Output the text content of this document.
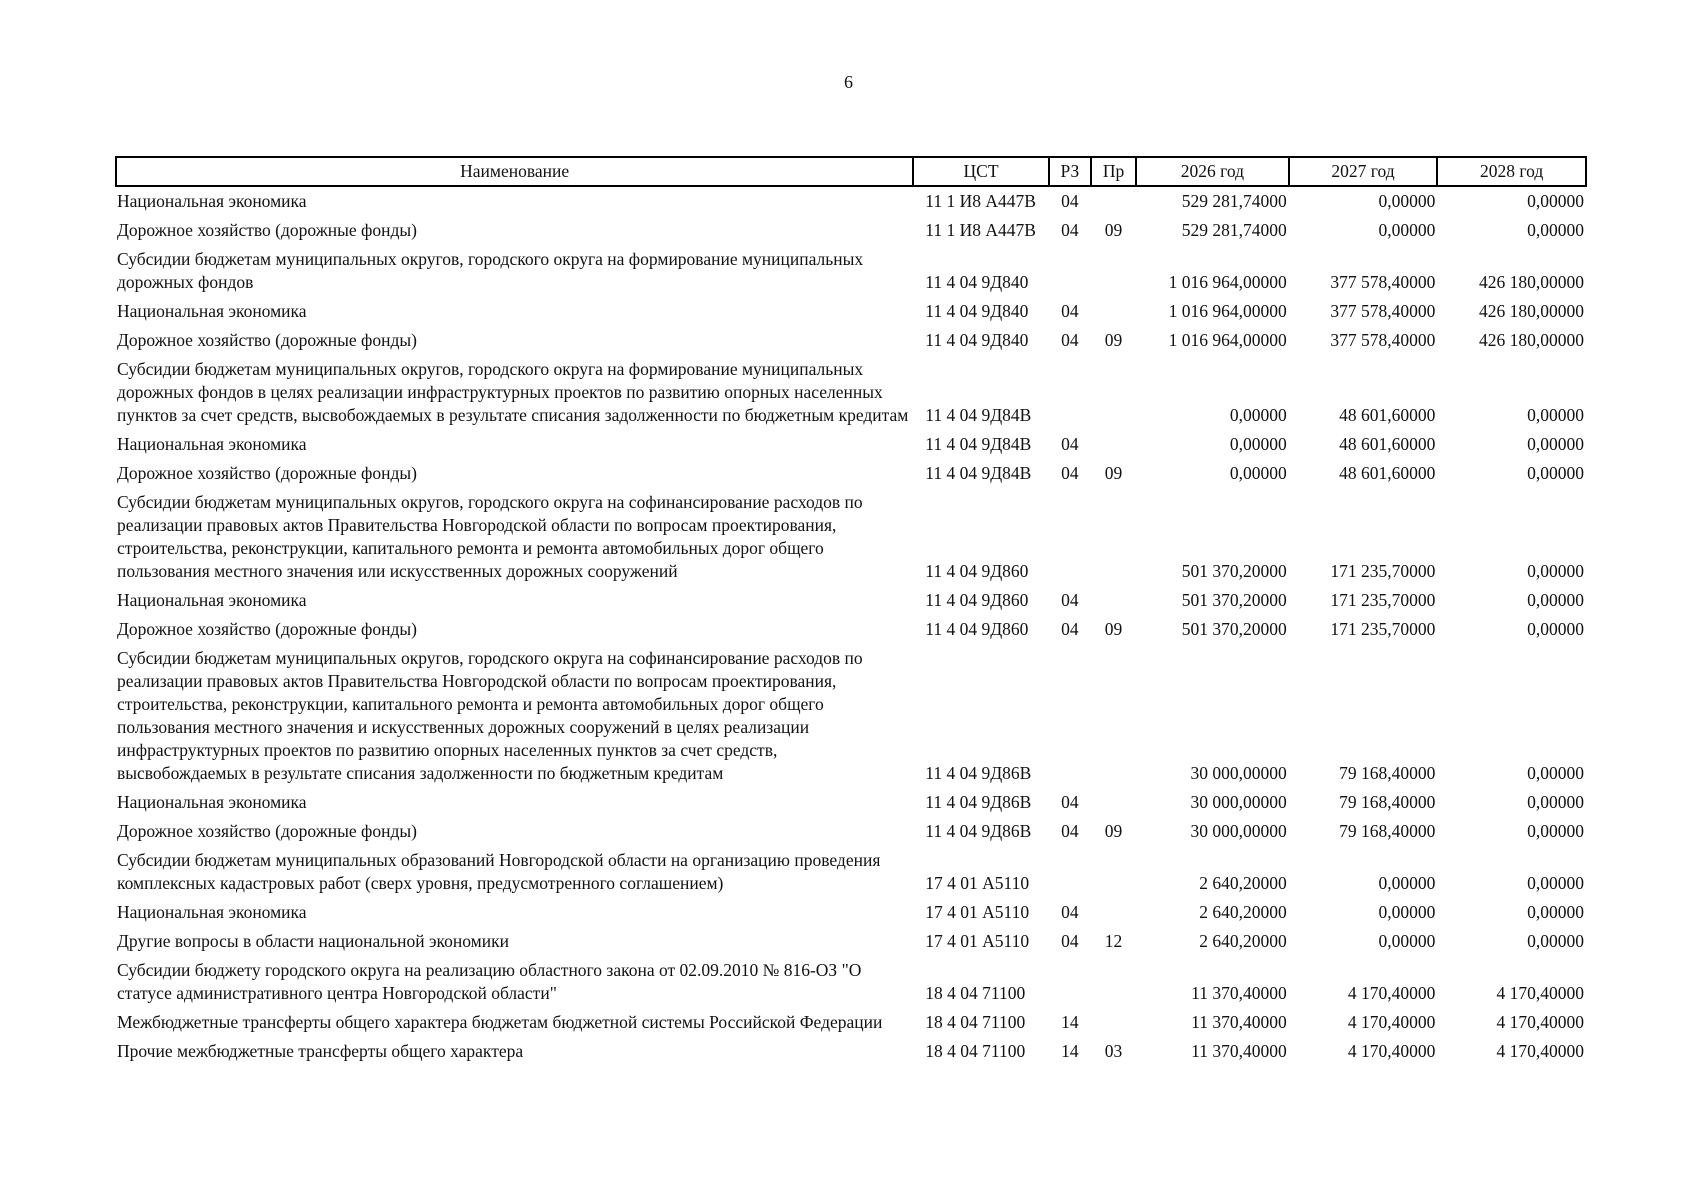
6
Наименование	ЦСТ	РЗ	Пр	2026 год	2027 год	2028 год
Национальная экономика	11 1 И8 А447В	04		529 281,74000	0,00000	0,00000
Дорожное хозяйство (дорожные фонды)	11 1 И8 А447В	04	09	529 281,74000	0,00000	0,00000
Субсидии бюджетам муниципальных округов, городского округа на формирование муниципальных дорожных фондов	11 4 04 9Д840			1 016 964,00000	377 578,40000	426 180,00000
Национальная экономика	11 4 04 9Д840	04		1 016 964,00000	377 578,40000	426 180,00000
Дорожное хозяйство (дорожные фонды)	11 4 04 9Д840	04	09	1 016 964,00000	377 578,40000	426 180,00000
Субсидии бюджетам муниципальных округов, городского округа на формирование муниципальных дорожных фондов в целях реализации инфраструктурных проектов по развитию опорных населенных пунктов за счет средств, высвобождаемых в результате списания задолженности по бюджетным кредитам	11 4 04 9Д84В			0,00000	48 601,60000	0,00000
Национальная экономика	11 4 04 9Д84В	04		0,00000	48 601,60000	0,00000
Дорожное хозяйство (дорожные фонды)	11 4 04 9Д84В	04	09	0,00000	48 601,60000	0,00000
Субсидии бюджетам муниципальных округов, городского округа на софинансирование расходов по реализации правовых актов Правительства Новгородской области по вопросам проектирования, строительства, реконструкции, капитального ремонта и ремонта автомобильных дорог общего пользования местного значения или искусственных дорожных сооружений	11 4 04 9Д860			501 370,20000	171 235,70000	0,00000
Национальная экономика	11 4 04 9Д860	04		501 370,20000	171 235,70000	0,00000
Дорожное хозяйство (дорожные фонды)	11 4 04 9Д860	04	09	501 370,20000	171 235,70000	0,00000
Субсидии бюджетам муниципальных округов, городского округа на софинансирование расходов по реализации правовых актов Правительства Новгородской области по вопросам проектирования, строительства, реконструкции, капитального ремонта и ремонта автомобильных дорог общего пользования местного значения и искусственных дорожных сооружений в целях реализации инфраструктурных проектов по развитию опорных населенных пунктов за счет средств, высвобождаемых в результате списания задолженности по бюджетным кредитам	11 4 04 9Д86В			30 000,00000	79 168,40000	0,00000
Национальная экономика	11 4 04 9Д86В	04		30 000,00000	79 168,40000	0,00000
Дорожное хозяйство (дорожные фонды)	11 4 04 9Д86В	04	09	30 000,00000	79 168,40000	0,00000
Субсидии бюджетам муниципальных образований Новгородской области на организацию проведения комплексных кадастровых работ (сверх уровня, предусмотренного соглашением)	17 4 01 А5110			2 640,20000	0,00000	0,00000
Национальная экономика	17 4 01 А5110	04		2 640,20000	0,00000	0,00000
Другие вопросы в области национальной экономики	17 4 01 А5110	04	12	2 640,20000	0,00000	0,00000
Субсидии бюджету городского округа на реализацию областного закона от 02.09.2010 № 816-ОЗ "О статусе административного центра Новгородской области"	18 4 04 71100			11 370,40000	4 170,40000	4 170,40000
Межбюджетные трансферты общего характера бюджетам бюджетной системы Российской Федерации	18 4 04 71100	14		11 370,40000	4 170,40000	4 170,40000
Прочие межбюджетные трансферты общего характера	18 4 04 71100	14	03	11 370,40000	4 170,40000	4 170,40000
